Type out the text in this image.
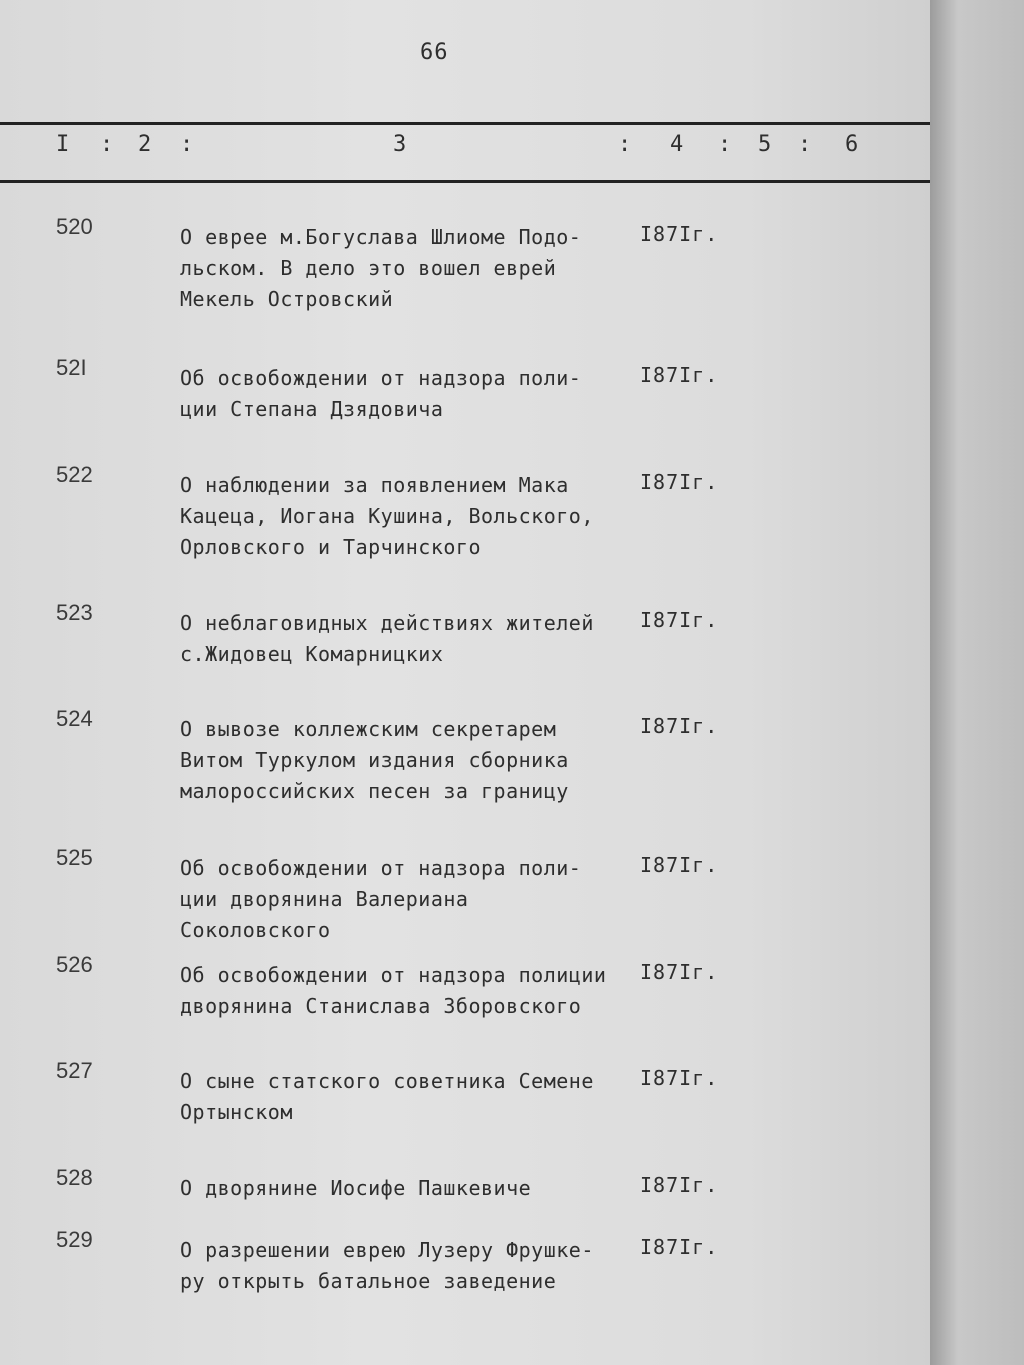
66
I : 2 :	3	: 4 : 5 : 6
520	О еврее м.Богуслава Шлиоме Подо-
льском. В дело это вошел еврей
Мекель Островский
I87Iг.
52I	Об освобождении от надзора поли-
ции Степана Дзядовича
I87Iг.
522	О наблюдении за появлением Мака
Кацеца, Иогана Кушина, Вольского,
Орловского и Тарчинского
I87Iг.
523	О неблаговидных действиях жителей
с.Жидовец Комарницких
I87Iг.
524	О вывозе коллежским секретарем
Витом Туркулом издания сборника
малороссийских песен за границу
I87Iг.
525	Об освобождении от надзора поли-
ции дворянина Валериана Соколовского
I87Iг.
526	Об освобождении от надзора полиции
дворянина Станислава Зборовского
I87Iг.
527	О сыне статского советника Семене
Ортынском
I87Iг.
528	О дворянине Иосифе Пашкевиче	I87Iг.
529	О разрешении еврею Лузеру Фрушке-
ру открыть батальное заведение
I87Iг.
